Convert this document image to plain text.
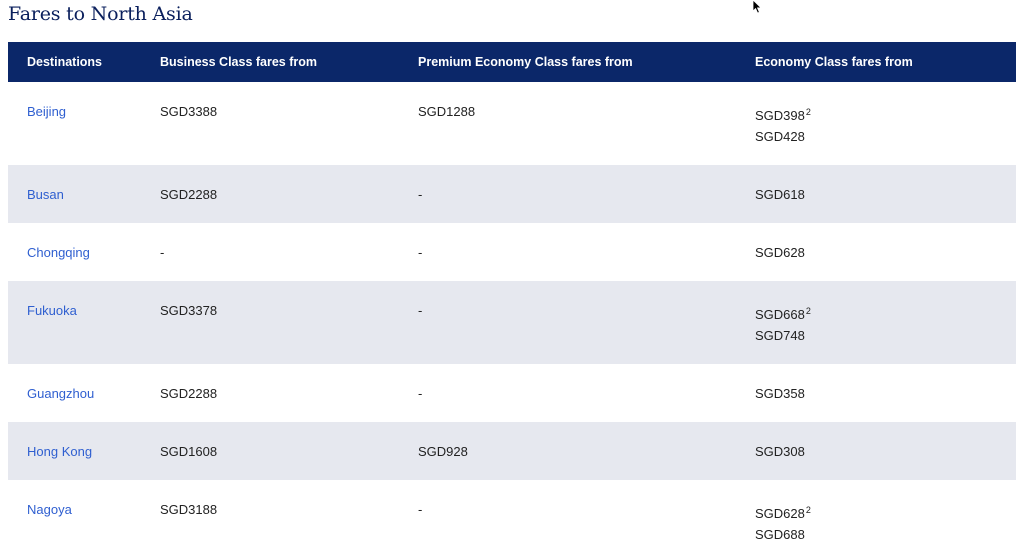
Fares to North Asia
Destinations	Business Class fares from	Premium Economy Class fares from	Economy Class fares from
Beijing	SGD3388	SGD1288	$SGD398^2$
SGD428

Busan	SGD2288	-	SGD618
Chongqing	-	-	SGD628
Fukuoka	SGD3378	-	$SGD668^2$
SGD748

Guangzhou	SGD2288	-	SGD358
Hong Kong	SGD1608	SGD928	SGD308
Nagoya	SGD3188	-	$SGD628^2$
SGD688
